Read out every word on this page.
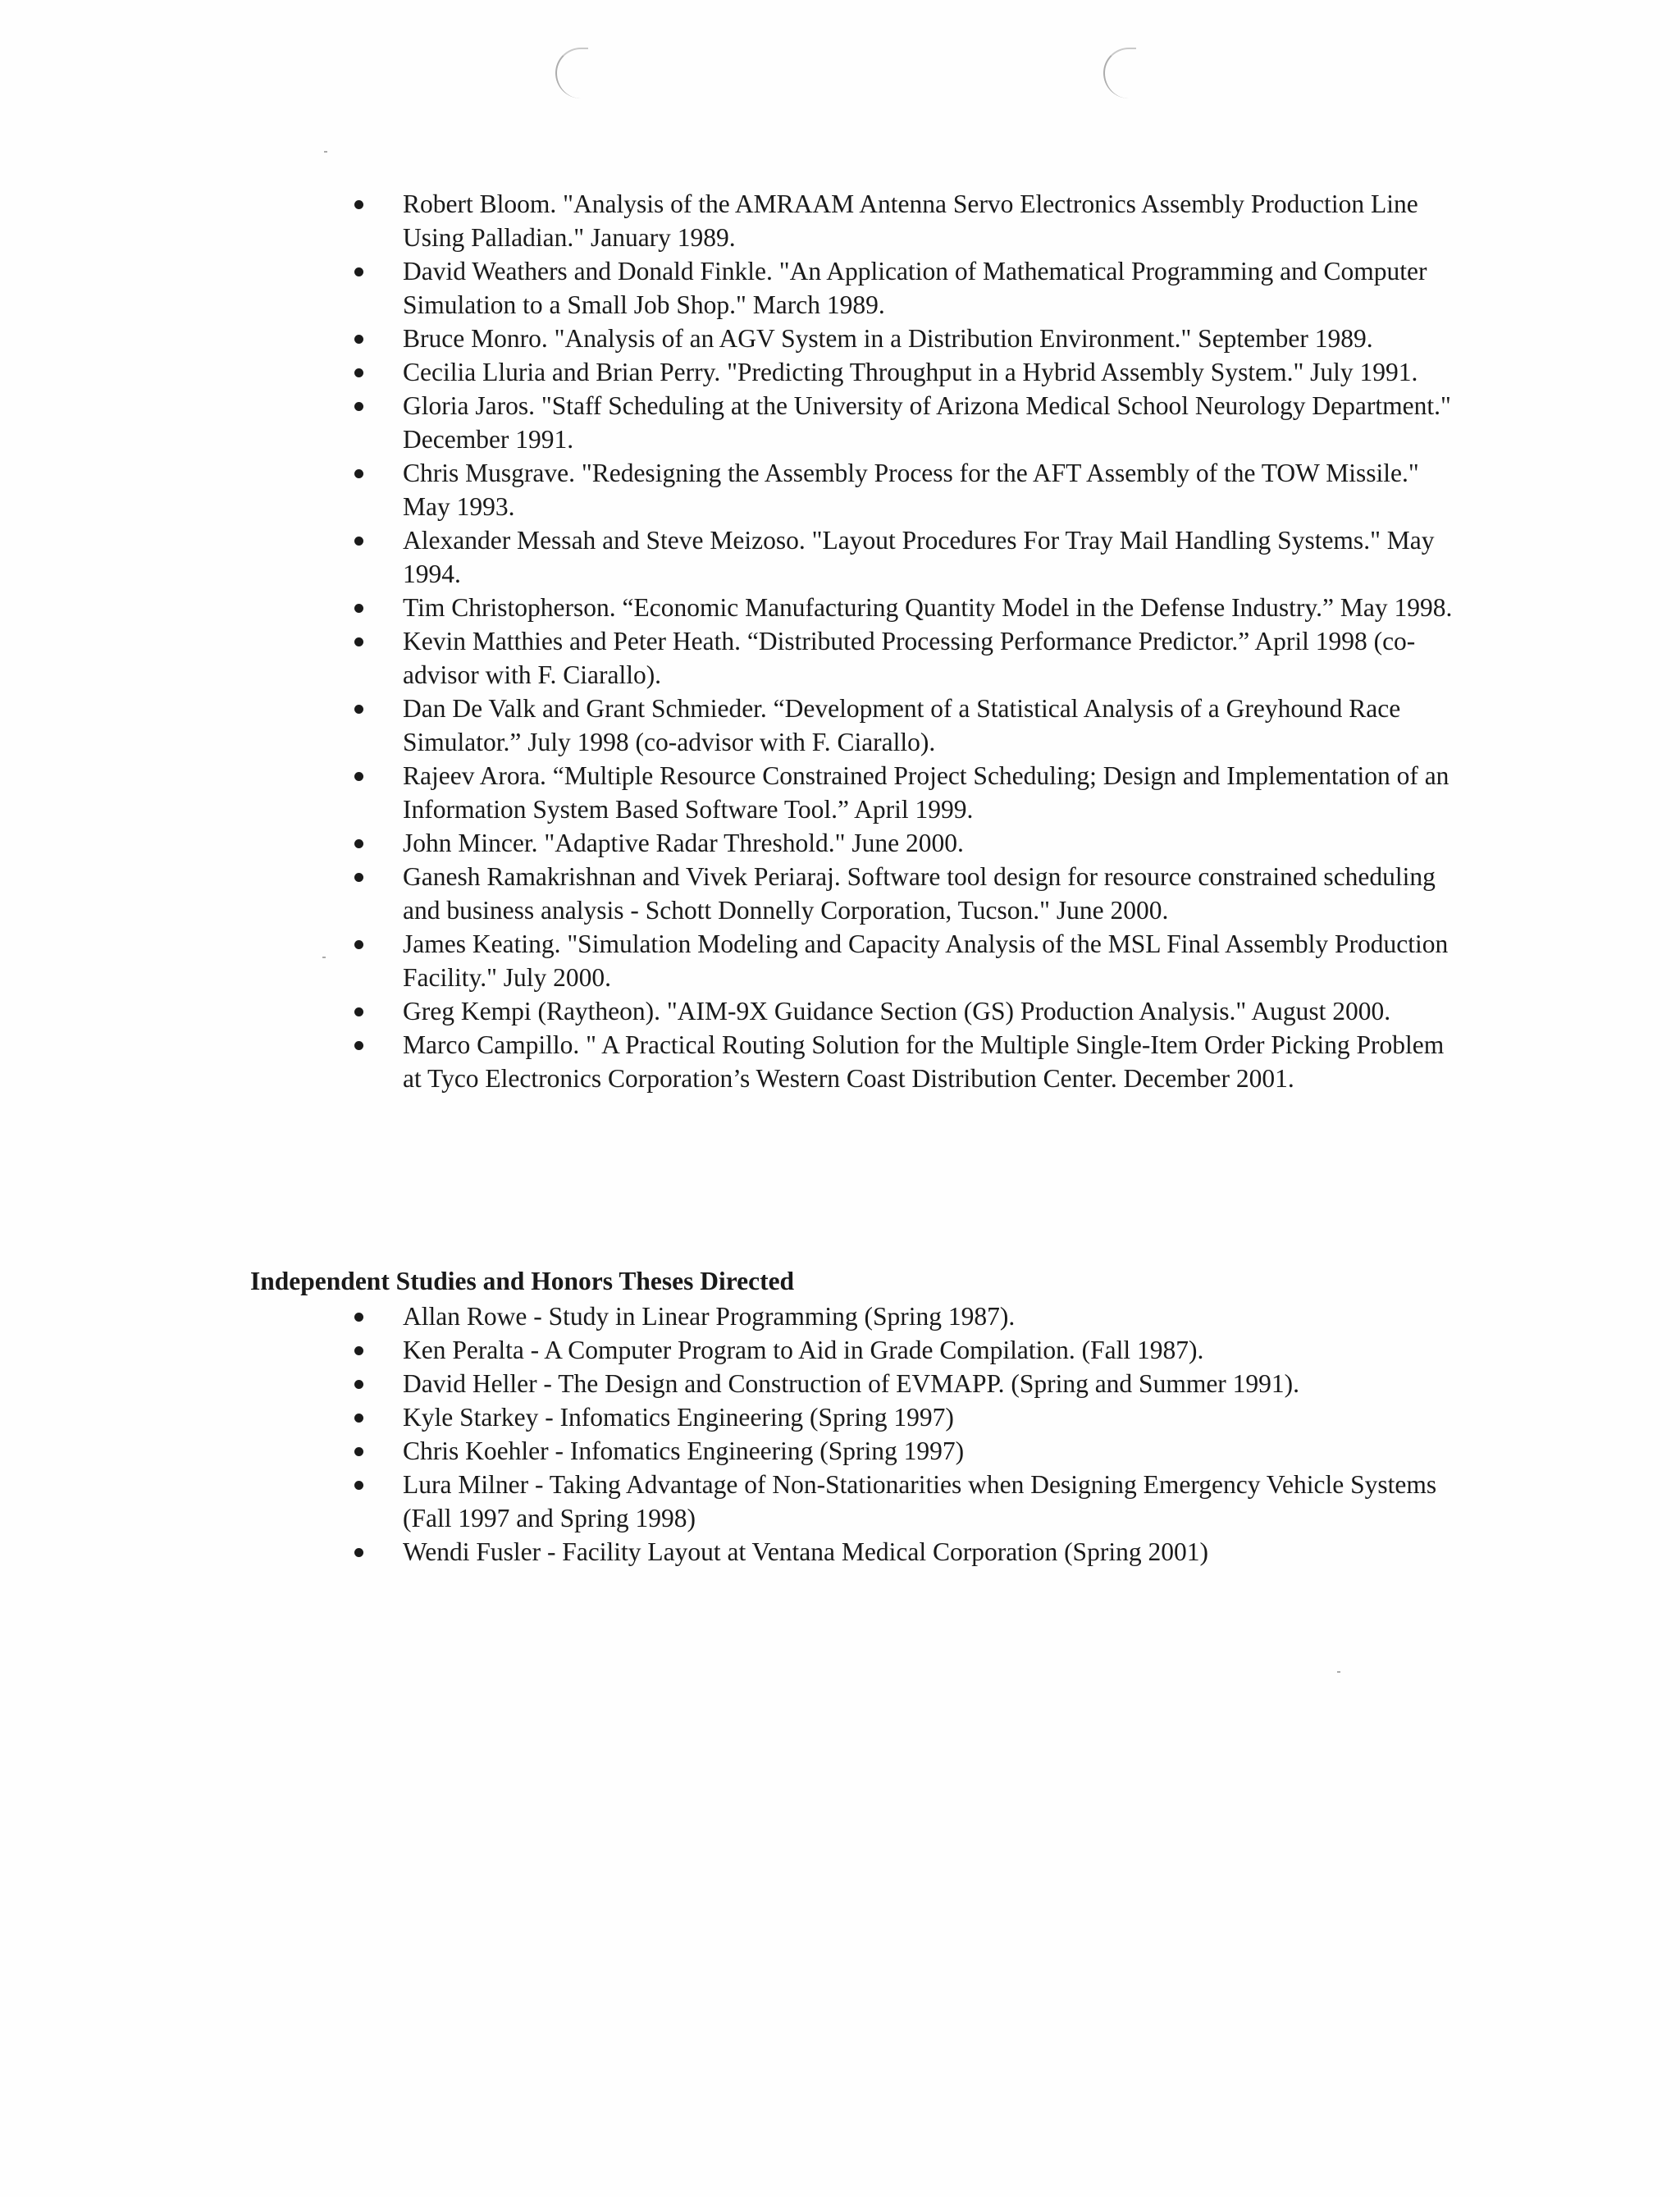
Robert Bloom. "Analysis of the AMRAAM Antenna Servo Electronics Assembly Production Line Using Palladian." January 1989.
David Weathers and Donald Finkle. "An Application of Mathematical Programming and Computer Simulation to a Small Job Shop." March 1989.
Bruce Monro. "Analysis of an AGV System in a Distribution Environment." September 1989.
Cecilia Lluria and Brian Perry. "Predicting Throughput in a Hybrid Assembly System." July 1991.
Gloria Jaros. "Staff Scheduling at the University of Arizona Medical School Neurology Department." December 1991.
Chris Musgrave. "Redesigning the Assembly Process for the AFT Assembly of the TOW Missile." May 1993.
Alexander Messah and Steve Meizoso. "Layout Procedures For Tray Mail Handling Systems." May 1994.
Tim Christopherson. “Economic Manufacturing Quantity Model in the Defense Industry.” May 1998.
Kevin Matthies and Peter Heath. “Distributed Processing Performance Predictor.” April 1998 (co-advisor with F. Ciarallo).
Dan De Valk and Grant Schmieder. “Development of a Statistical Analysis of a Greyhound Race Simulator.” July 1998 (co-advisor with F. Ciarallo).
Rajeev Arora. “Multiple Resource Constrained Project Scheduling; Design and Implementation of an Information System Based Software Tool.” April 1999.
John Mincer. "Adaptive Radar Threshold." June 2000.
Ganesh Ramakrishnan and Vivek Periaraj. Software tool design for resource constrained scheduling and business analysis - Schott Donnelly Corporation, Tucson." June 2000.
James Keating. "Simulation Modeling and Capacity Analysis of the MSL Final Assembly Production Facility." July 2000.
Greg Kempi (Raytheon). "AIM-9X Guidance Section (GS) Production Analysis." August 2000.
Marco Campillo. " A Practical Routing Solution for the Multiple Single-Item Order Picking Problem at Tyco Electronics Corporation’s Western Coast Distribution Center. December 2001.
Independent Studies and Honors Theses Directed
Allan Rowe - Study in Linear Programming (Spring 1987).
Ken Peralta - A Computer Program to Aid in Grade Compilation. (Fall 1987).
David Heller - The Design and Construction of EVMAPP. (Spring and Summer 1991).
Kyle Starkey - Infomatics Engineering (Spring 1997)
Chris Koehler - Infomatics Engineering (Spring 1997)
Lura Milner - Taking Advantage of Non-Stationarities when Designing Emergency Vehicle Systems (Fall 1997 and Spring 1998)
Wendi Fusler - Facility Layout at Ventana Medical Corporation (Spring 2001)
